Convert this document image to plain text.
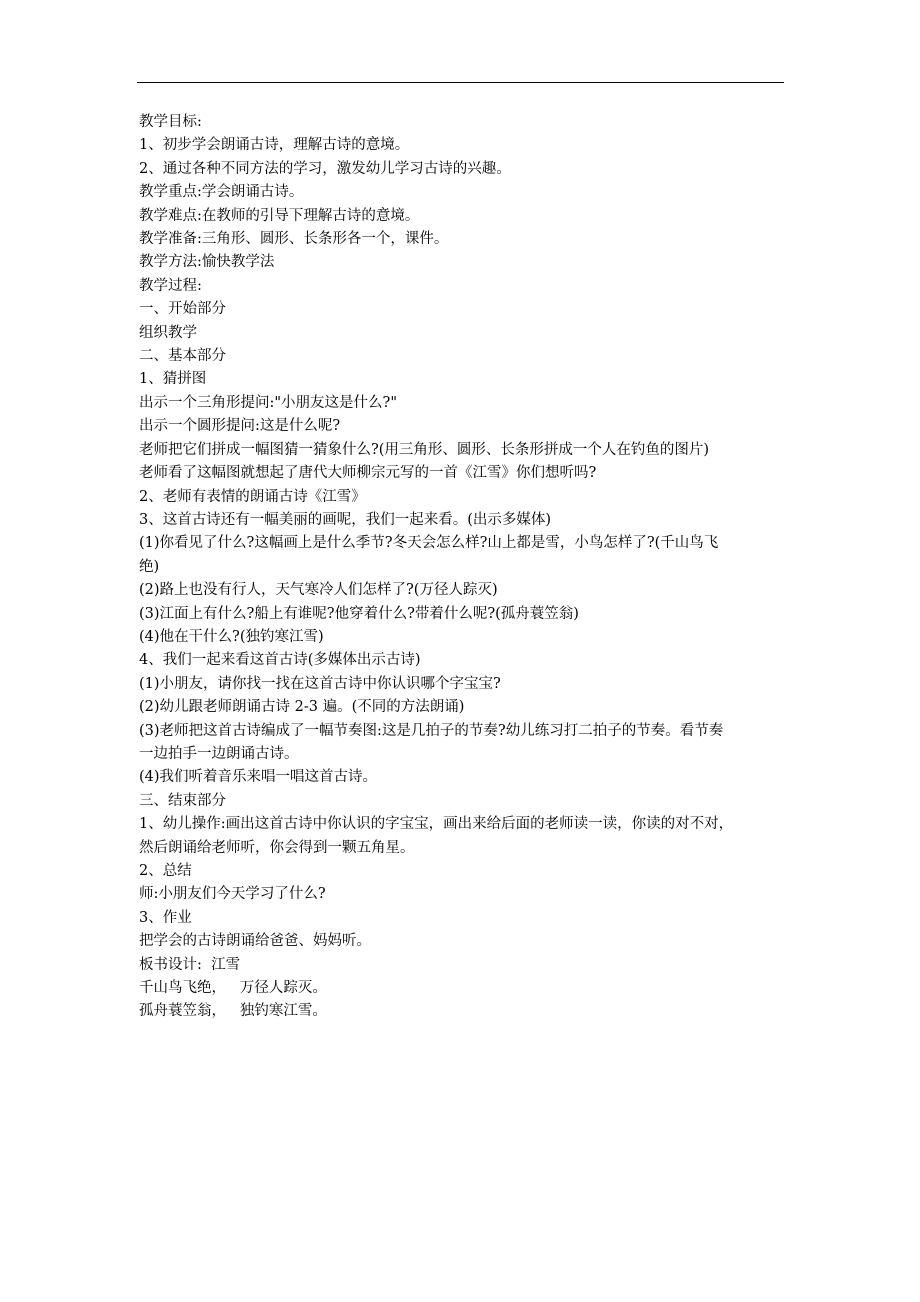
教学目标:

1、初步学会朗诵古诗，理解古诗的意境。

2、通过各种不同方法的学习，激发幼儿学习古诗的兴趣。

教学重点:学会朗诵古诗。

教学难点:在教师的引导下理解古诗的意境。

教学准备:三角形、圆形、长条形各一个，课件。

教学方法:愉快教学法

教学过程:

一、开始部分

组织教学

二、基本部分

1、猜拼图

出示一个三角形提问:"小朋友这是什么?"

出示一个圆形提问:这是什么呢?

老师把它们拼成一幅图猜一猜象什么?(用三角形、圆形、长条形拼成一个人在钓鱼的图片)

老师看了这幅图就想起了唐代大师柳宗元写的一首《江雪》你们想听吗?

2、老师有表情的朗诵古诗《江雪》

3、这首古诗还有一幅美丽的画呢，我们一起来看。(出示多媒体)

(1)你看见了什么?这幅画上是什么季节?冬天会怎么样?山上都是雪，小鸟怎样了?(千山鸟飞

绝)

(2)路上也没有行人，天气寒冷人们怎样了?(万径人踪灭)

(3)江面上有什么?船上有谁呢?他穿着什么?带着什么呢?(孤舟蓑笠翁)

(4)他在干什么?(独钓寒江雪)

4、我们一起来看这首古诗(多媒体出示古诗)

(1)小朋友，请你找一找在这首古诗中你认识哪个字宝宝?

(2)幼儿跟老师朗诵古诗 2-3 遍。(不同的方法朗诵)

(3)老师把这首古诗编成了一幅节奏图:这是几拍子的节奏?幼儿练习打二拍子的节奏。看节奏

一边拍手一边朗诵古诗。

(4)我们听着音乐来唱一唱这首古诗。

三、结束部分

1、幼儿操作:画出这首古诗中你认识的字宝宝，画出来给后面的老师读一读，你读的对不对，

然后朗诵给老师听，你会得到一颗五角星。

2、总结

师:小朋友们今天学习了什么?

3、作业

把学会的古诗朗诵给爸爸、妈妈听。

板书设计:  江雪

千山鸟飞绝，   万径人踪灭。

孤舟蓑笠翁，   独钓寒江雪。
